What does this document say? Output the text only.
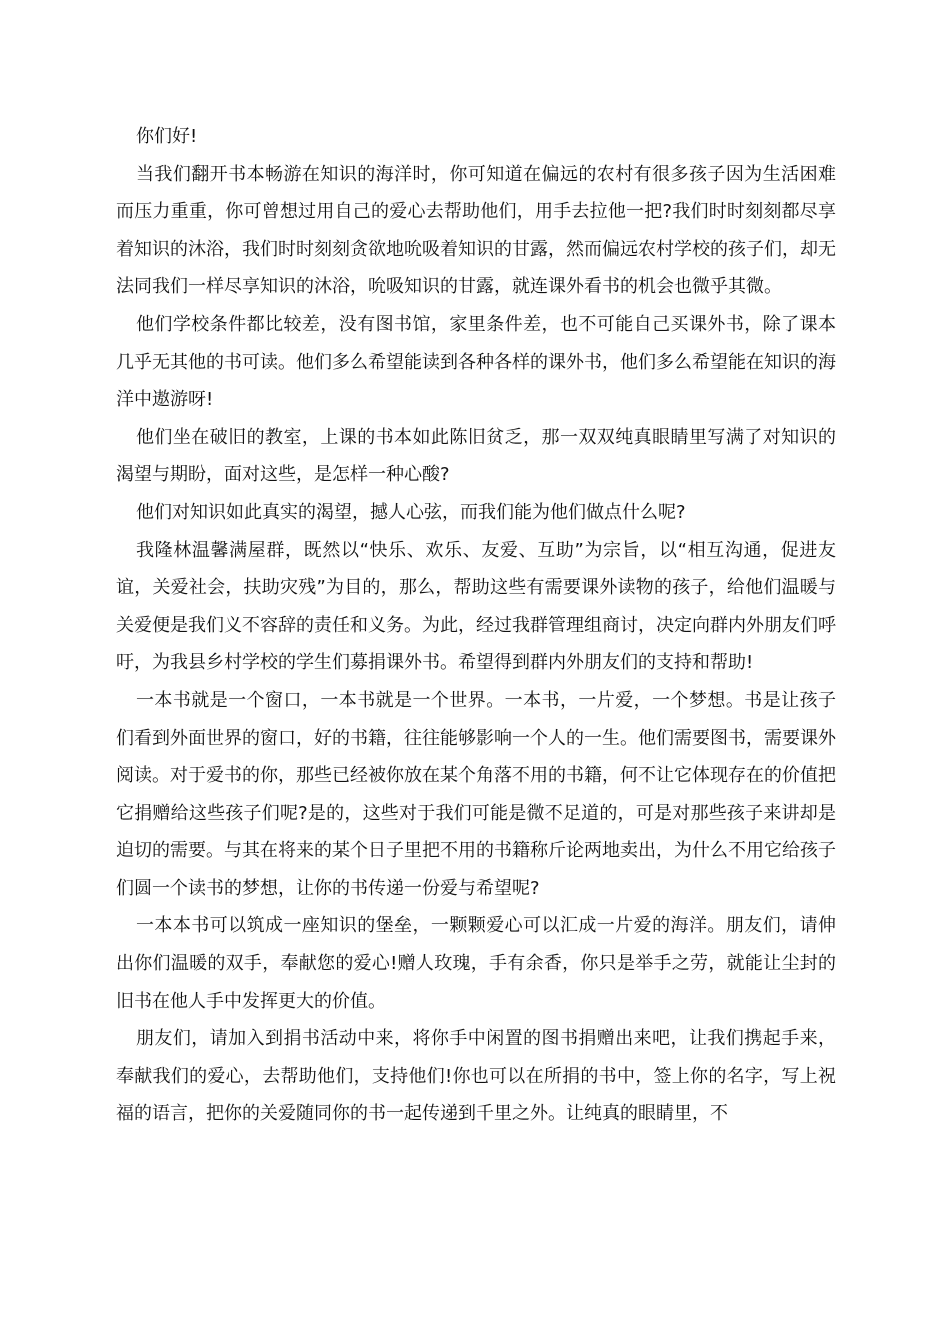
你们好!

当我们翻开书本畅游在知识的海洋时，你可知道在偏远的农村有很多孩子因为生活困难而压力重重，你可曾想过用自己的爱心去帮助他们，用手去拉他一把?我们时时刻刻都尽享着知识的沐浴，我们时时刻刻贪欲地吮吸着知识的甘露，然而偏远农村学校的孩子们，却无法同我们一样尽享知识的沐浴，吮吸知识的甘露，就连课外看书的机会也微乎其微。

他们学校条件都比较差，没有图书馆，家里条件差，也不可能自己买课外书，除了课本几乎无其他的书可读。他们多么希望能读到各种各样的课外书，他们多么希望能在知识的海洋中遨游呀!

他们坐在破旧的教室，上课的书本如此陈旧贫乏，那一双双纯真眼睛里写满了对知识的渴望与期盼，面对这些，是怎样一种心酸?

他们对知识如此真实的渴望，撼人心弦，而我们能为他们做点什么呢?

我隆林温馨满屋群，既然以“快乐、欢乐、友爱、互助”为宗旨，以“相互沟通，促进友谊，关爱社会，扶助灾残”为目的，那么，帮助这些有需要课外读物的孩子，给他们温暖与关爱便是我们义不容辞的责任和义务。为此，经过我群管理组商讨，决定向群内外朋友们呼吁，为我县乡村学校的学生们募捐课外书。希望得到群内外朋友们的支持和帮助!

一本书就是一个窗口，一本书就是一个世界。一本书，一片爱，一个梦想。书是让孩子们看到外面世界的窗口，好的书籍，往往能够影响一个人的一生。他们需要图书，需要课外阅读。对于爱书的你，那些已经被你放在某个角落不用的书籍，何不让它体现存在的价值把它捐赠给这些孩子们呢?是的，这些对于我们可能是微不足道的，可是对那些孩子来讲却是迫切的需要。与其在将来的某个日子里把不用的书籍称斤论两地卖出，为什么不用它给孩子们圆一个读书的梦想，让你的书传递一份爱与希望呢?

一本本书可以筑成一座知识的堡垒，一颗颗爱心可以汇成一片爱的海洋。朋友们，请伸出你们温暖的双手，奉献您的爱心!赠人玫瑰，手有余香，你只是举手之劳，就能让尘封的旧书在他人手中发挥更大的价值。

朋友们，请加入到捐书活动中来，将你手中闲置的图书捐赠出来吧，让我们携起手来，奉献我们的爱心，去帮助他们，支持他们!你也可以在所捐的书中，签上你的名字，写上祝福的语言，把你的关爱随同你的书一起传递到千里之外。让纯真的眼睛里，不
